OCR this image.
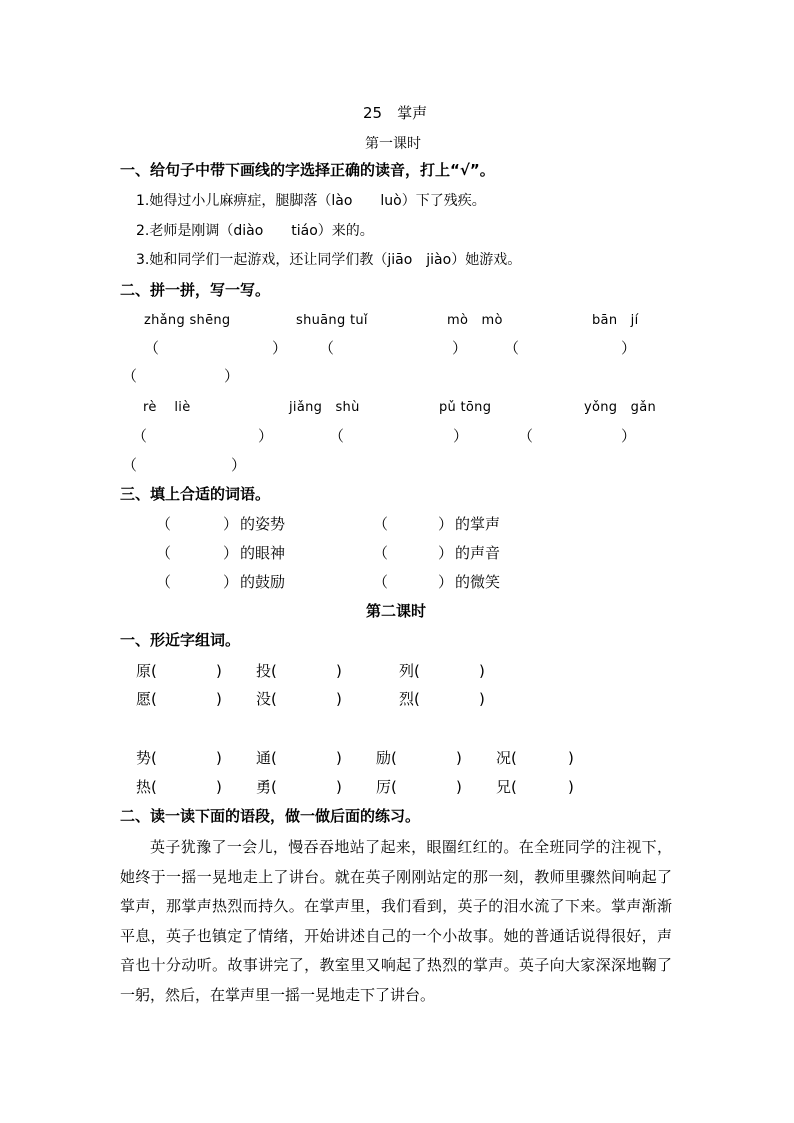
25　掌声
第一课时
一、给句子中带下画线的字选择正确的读音，打上“√”。
1.她得过小儿麻痹症，腿脚落（lào　　luò）下了残疾。
2.老师是刚调（diào　　tiáo）来的。
3.她和同学们一起游戏，还让同学们教（jiāo　jiào）她游戏。
二、拼一拼，写一写。
zhǎng shēng	shuāng tuǐ	mò　mò	bān　jí
（	） （	） （	）
（	）
rè　 liè	jiǎng　shù	pǔ tōng	yǒng　gǎn
（	）	（	）	（	）
（	）
三、填上合适的词语。
（	） 的姿势	（	） 的掌声
（	） 的眼神	（	） 的声音
（	） 的鼓励	（	） 的微笑
第二课时
一、形近字组词。
原(	) 投(	)	列(	)
愿(	) 没(	)	烈(	)
势(	) 通(	) 励(	) 况(	)
热(	) 勇(	) 厉(	) 兄(	)
二、读一读下面的语段，做一做后面的练习。
英子犹豫了一会儿，慢吞吞地站了起来，眼圈红红的。在全班同学的注视下，她终于一摇一晃地走上了讲台。就在英子刚刚站定的那一刻，教师里骤然间响起了掌声，那掌声热烈而持久。在掌声里，我们看到，英子的泪水流了下来。掌声渐渐平息，英子也镇定了情绪，开始讲述自己的一个小故事。她的普通话说得很好，声音也十分动听。故事讲完了，教室里又响起了热烈的掌声。英子向大家深深地鞠了一躬，然后，在掌声里一摇一晃地走下了讲台。
